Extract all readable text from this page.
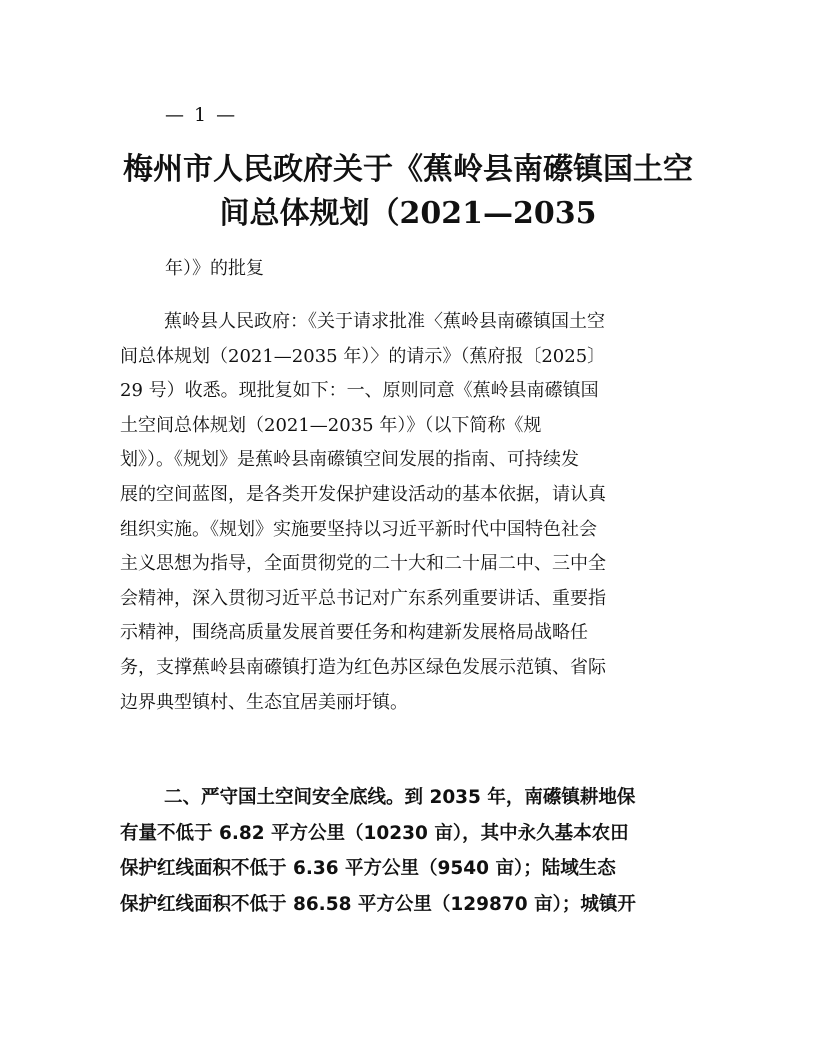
— 1 —
梅州市人民政府关于《蕉岭县南礤镇国土空
间总体规划（2021—2035
年）》的批复

蕉岭县人民政府：《关于请求批准〈蕉岭县南礤镇国土空
间总体规划（2021—2035 年）〉的请示》（蕉府报〔2025〕
29 号）收悉。现批复如下：一、原则同意《蕉岭县南礤镇国
土空间总体规划（2021—2035 年）》（以下简称《规
划》）。《规划》是蕉岭县南礤镇空间发展的指南、可持续发
展的空间蓝图，是各类开发保护建设活动的基本依据，请认真
组织实施。《规划》实施要坚持以习近平新时代中国特色社会
主义思想为指导，全面贯彻党的二十大和二十届二中、三中全
会精神，深入贯彻习近平总书记对广东系列重要讲话、重要指
示精神，围绕高质量发展首要任务和构建新发展格局战略任
务，支撑蕉岭县南礤镇打造为红色苏区绿色发展示范镇、省际
边界典型镇村、生态宜居美丽圩镇。

二、严守国土空间安全底线。到 2035 年，南礤镇耕地保
有量不低于 6.82 平方公里（10230 亩），其中永久基本农田
保护红线面积不低于 6.36 平方公里（9540 亩）；陆域生态
保护红线面积不低于 86.58 平方公里（129870 亩）；城镇开
